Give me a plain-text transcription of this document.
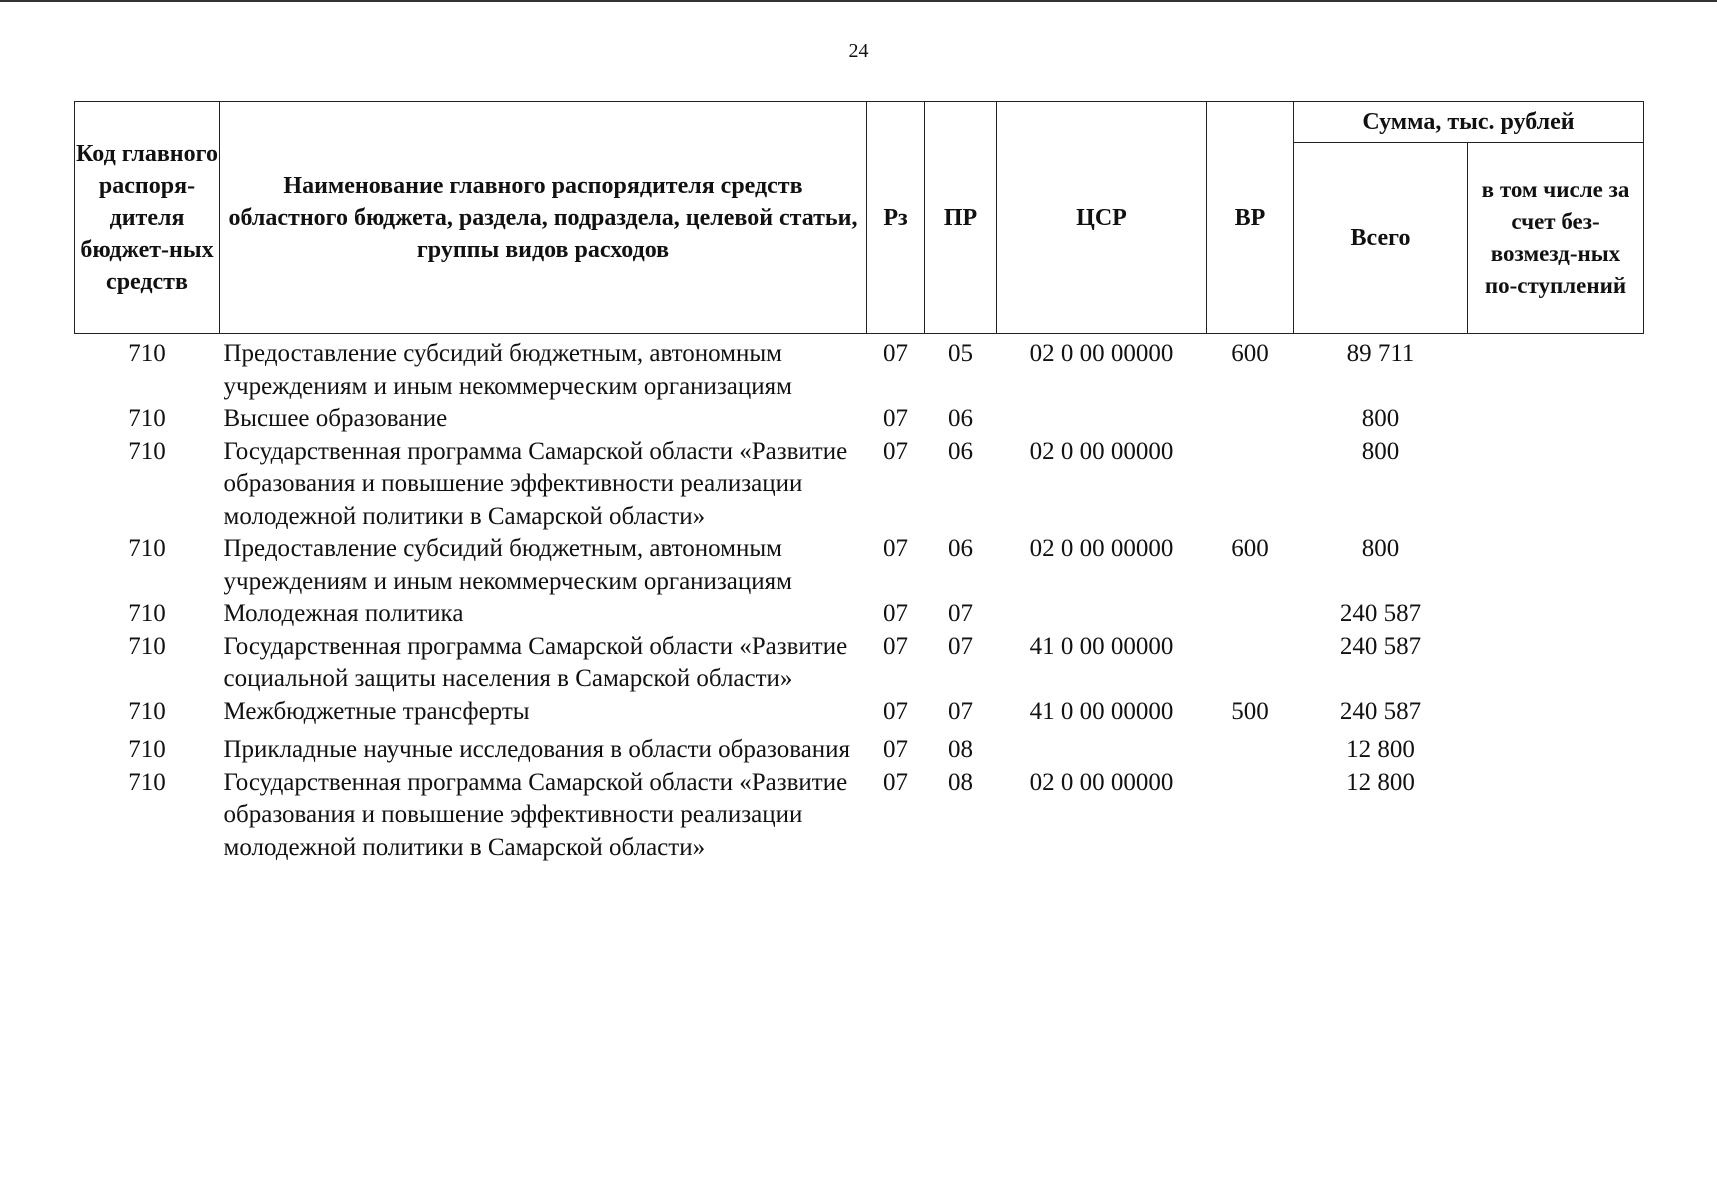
24
Код главного распоря-дителя бюджет-ных средств	Наименование главного распорядителя средств областного бюджета, раздела, подраздела, целевой статьи, группы видов расходов	Рз	ПР	ЦСР	ВР	Сумма, тыс. рублей	
						Всего	в том числе за счет без-возмезд-ных по-ступлений
710	Предоставление субсидий бюджетным, автономным учреждениям и иным некоммерческим организациям	07	05	02 0 00 00000	600	89 711	
710	Высшее образование	07	06			800	
710	Государственная программа Самарской области «Развитие образования и повышение эффективности реализации молодежной политики в Самарской области»	07	06	02 0 00 00000		800	
710	Предоставление субсидий бюджетным, автономным учреждениям и иным некоммерческим организациям	07	06	02 0 00 00000	600	800	
710	Молодежная политика	07	07			240 587	
710	Государственная программа Самарской области «Развитие социальной защиты населения в Самарской области»	07	07	41 0 00 00000		240 587	
710	Межбюджетные трансферты	07	07	41 0 00 00000	500	240 587	
710	Прикладные научные исследования в области образования	07	08			12 800	
710	Государственная программа Самарской области «Развитие образования и повышение эффективности реализации молодежной политики в Самарской области»	07	08	02 0 00 00000		12 800	
